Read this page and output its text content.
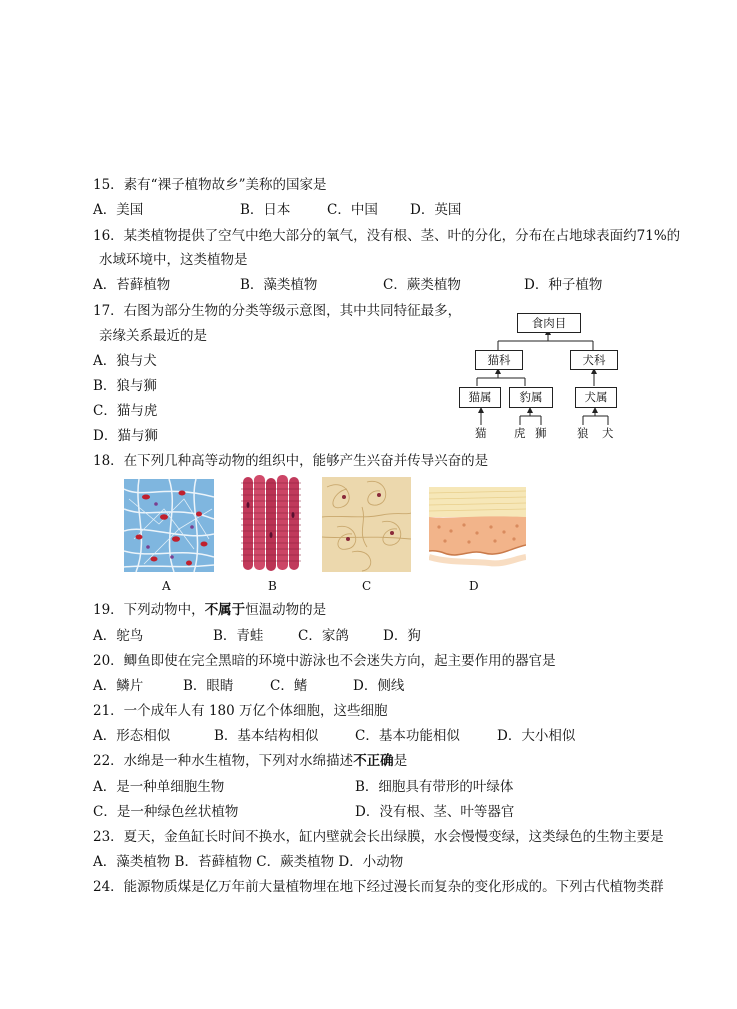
15．素有“裸子植物故乡”美称的国家是
A．美国	B．日本	C．中国 D．英国
16．某类植物提供了空气中绝大部分的氧气，没有根、茎、叶的分化，分布在占地球表面约71%的
水域环境中，这类植物是
A．苔藓植物	B．藻类植物	C．蕨类植物	D．种子植物
17．右图为部分生物的分类等级示意图，其中共同特征最多，
亲缘关系最近的是
A．狼与犬
B．狼与狮
C．猫与虎
D．猫与狮
食肉目
猫科	犬科
猫属	豹属	犬属
猫 虎 狮	狼 犬
18．在下列几种高等动物的组织中，能够产生兴奋并传导兴奋的是
A	B	C	D
19．下列动物中，不属于恒温动物的是
A．鸵鸟	B．青蛙	C．家鸽	D．狗
20．鲫鱼即使在完全黑暗的环境中游泳也不会迷失方向，起主要作用的器官是
A．鳞片	B．眼睛	C．鳍	D．侧线
21．一个成年人有 180 万亿个体细胞，这些细胞
A．形态相似	B．基本结构相似	C．基本功能相似	D．大小相似
22．水绵是一种水生植物，下列对水绵描述不正确是
A．是一种单细胞生物	B．细胞具有带形的叶绿体
C．是一种绿色丝状植物	D．没有根、茎、叶等器官
23．夏天，金鱼缸长时间不换水，缸内壁就会长出绿膜，水会慢慢变绿，这类绿色的生物主要是
A．藻类植物 B．苔藓植物 C．蕨类植物 D．小动物
24．能源物质煤是亿万年前大量植物埋在地下经过漫长而复杂的变化形成的。下列古代植物类群
